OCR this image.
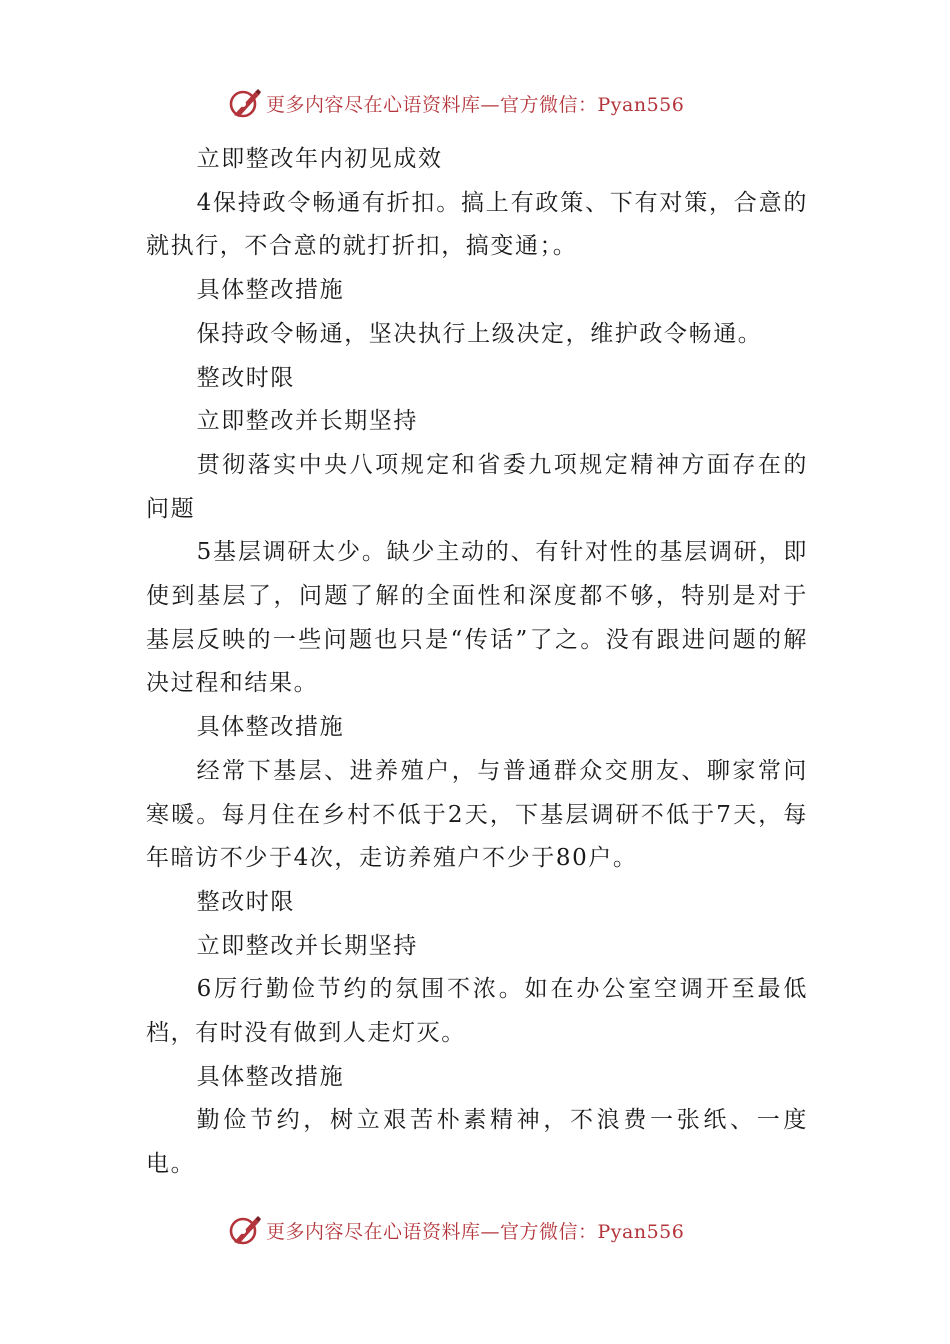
更多内容尽在心语资料库—官方微信：Pyan556

立即整改年内初见成效

4保持政令畅通有折扣。搞上有政策、下有对策，合意的就执行，不合意的就打折扣，搞变通；。

具体整改措施

保持政令畅通，坚决执行上级决定，维护政令畅通。

整改时限

立即整改并长期坚持

贯彻落实中央八项规定和省委九项规定精神方面存在的问题

5基层调研太少。缺少主动的、有针对性的基层调研，即使到基层了，问题了解的全面性和深度都不够，特别是对于基层反映的一些问题也只是“传话”了之。没有跟进问题的解决过程和结果。

具体整改措施

经常下基层、进养殖户，与普通群众交朋友、聊家常问寒暖。每月住在乡村不低于2天，下基层调研不低于7天，每年暗访不少于4次，走访养殖户不少于80户。

整改时限

立即整改并长期坚持

6厉行勤俭节约的氛围不浓。如在办公室空调开至最低档，有时没有做到人走灯灭。

具体整改措施

勤俭节约，树立艰苦朴素精神，不浪费一张纸、一度电。

更多内容尽在心语资料库—官方微信：Pyan556
